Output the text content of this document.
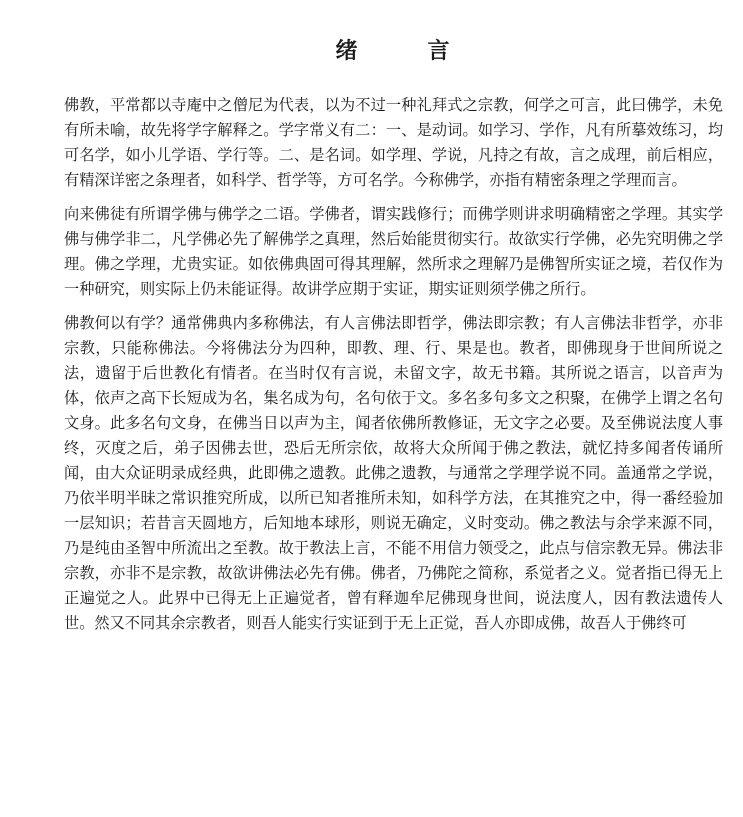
绪　言

佛教，平常都以寺庵中之僧尼为代表，以为不过一种礼拜式之宗教，何学之可言，此曰佛学，未免有所未喻，故先将学字解释之。学字常义有二：一、是动词。如学习、学作，凡有所摹效练习，均可名学，如小儿学语、学行等。二、是名词。如学理、学说，凡持之有故，言之成理，前后相应，有精深详密之条理者，如科学、哲学等，方可名学。今称佛学，亦指有精密条理之学理而言。

向来佛徒有所谓学佛与佛学之二语。学佛者，谓实践修行；而佛学则讲求明确精密之学理。其实学佛与佛学非二，凡学佛必先了解佛学之真理，然后始能贯彻实行。故欲实行学佛，必先究明佛之学理。佛之学理，尤贵实证。如依佛典固可得其理解，然所求之理解乃是佛智所实证之境，若仅作为一种研究，则实际上仍未能证得。故讲学应期于实证，期实证则须学佛之所行。

佛教何以有学？通常佛典内多称佛法，有人言佛法即哲学，佛法即宗教；有人言佛法非哲学，亦非宗教，只能称佛法。今将佛法分为四种，即教、理、行、果是也。教者，即佛现身于世间所说之法，遗留于后世教化有情者。在当时仅有言说，未留文字，故无书籍。其所说之语言，以音声为体，依声之高下长短成为名，集名成为句，名句依于文。多名多句多文之积聚，在佛学上谓之名句文身。此多名句文身，在佛当日以声为主，闻者依佛所教修证，无文字之必要。及至佛说法度人事终，灭度之后，弟子因佛去世，恐后无所宗依，故将大众所闻于佛之教法，就忆持多闻者传诵所闻，由大众证明录成经典，此即佛之遗教。此佛之遗教，与通常之学理学说不同。盖通常之学说，乃依半明半昧之常识推究所成，以所已知者推所未知，如科学方法，在其推究之中，得一番经验加一层知识；若昔言天圆地方，后知地本球形，则说无确定，义时变动。佛之教法与余学来源不同，乃是纯由圣智中所流出之至教。故于教法上言，不能不用信力领受之，此点与信宗教无异。佛法非宗教，亦非不是宗教，故欲讲佛法必先有佛。佛者，乃佛陀之简称，系觉者之义。觉者指已得无上正遍觉之人。此界中已得无上正遍觉者，曾有释迦牟尼佛现身世间，说法度人，因有教法遗传人世。然又不同其余宗教者，则吾人能实行实证到于无上正觉，吾人亦即成佛，故吾人于佛终可
